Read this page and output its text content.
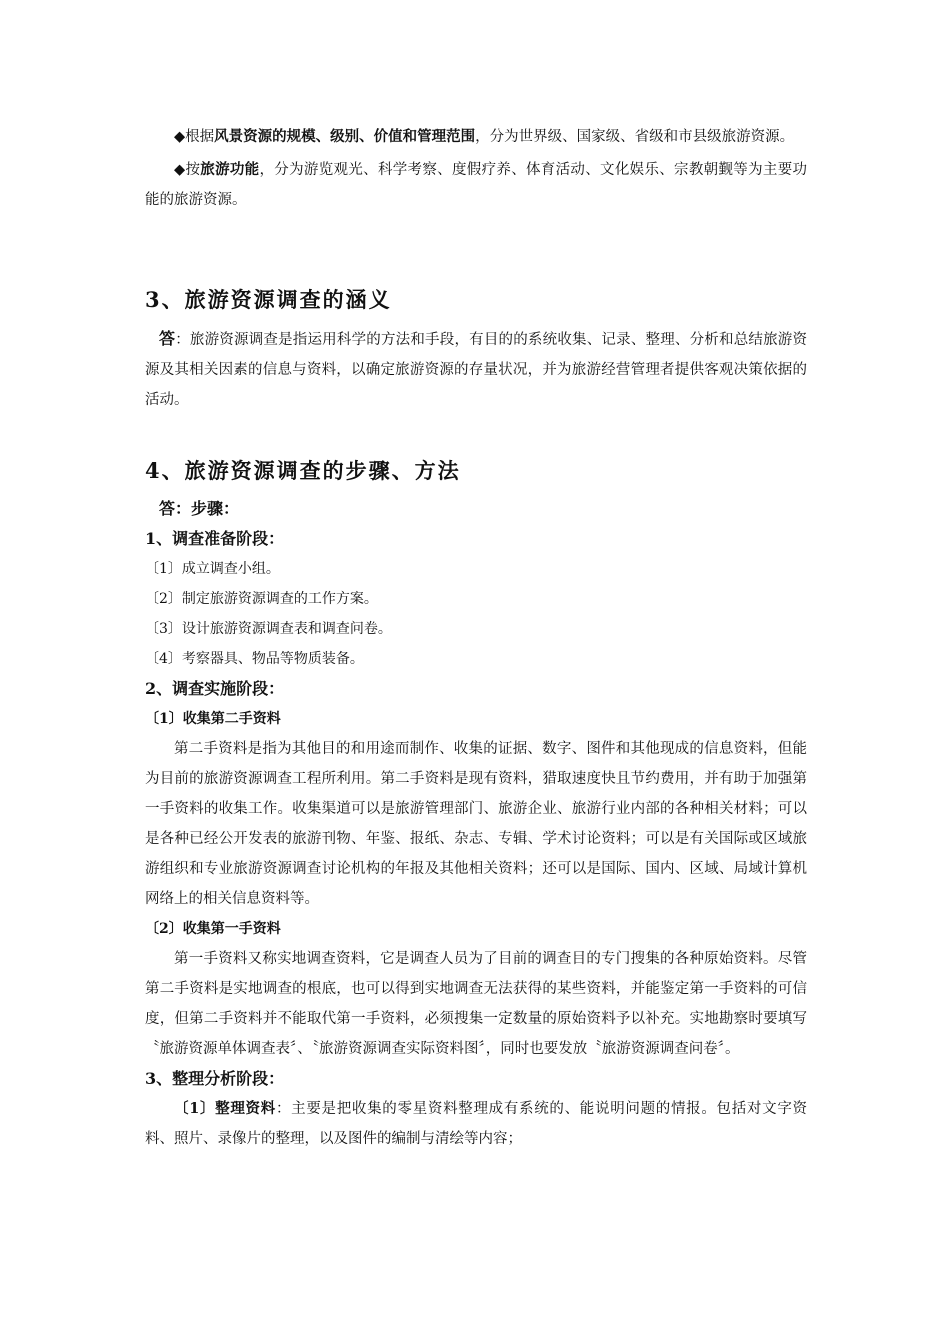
◆根据风景资源的规模、级别、价值和管理范围，分为世界级、国家级、省级和市县级旅游资源。

◆按旅游功能，分为游览观光、科学考察、度假疗养、体育活动、文化娱乐、宗教朝觐等为主要功能的旅游资源。

3、旅游资源调查的涵义

答：旅游资源调查是指运用科学的方法和手段，有目的的系统收集、记录、整理、分析和总结旅游资源及其相关因素的信息与资料，以确定旅游资源的存量状况，并为旅游经营管理者提供客观决策依据的活动。

4、旅游资源调查的步骤、方法

答：步骤：

1、调查准备阶段：

〔1〕成立调查小组。

〔2〕制定旅游资源调查的工作方案。

〔3〕设计旅游资源调查表和调查问卷。

〔4〕考察器具、物品等物质装备。

2、调查实施阶段：

〔1〕收集第二手资料

第二手资料是指为其他目的和用途而制作、收集的证据、数字、图件和其他现成的信息资料，但能为目前的旅游资源调查工程所利用。第二手资料是现有资料，猎取速度快且节约费用，并有助于加强第一手资料的收集工作。收集渠道可以是旅游管理部门、旅游企业、旅游行业内部的各种相关材料；可以是各种已经公开发表的旅游刊物、年鉴、报纸、杂志、专辑、学术讨论资料；可以是有关国际或区域旅游组织和专业旅游资源调查讨论机构的年报及其他相关资料；还可以是国际、国内、区域、局域计算机网络上的相关信息资料等。

〔2〕收集第一手资料

第一手资料又称实地调查资料，它是调查人员为了目前的调查目的专门搜集的各种原始资料。尽管第二手资料是实地调查的根底，也可以得到实地调查无法获得的某些资料，并能鉴定第一手资料的可信度，但第二手资料并不能取代第一手资料，必须搜集一定数量的原始资料予以补充。实地勘察时要填写〝旅游资源单体调查表〞、〝旅游资源调查实际资料图〞，同时也要发放〝旅游资源调查问卷〞。

3、整理分析阶段：

〔1〕整理资料：主要是把收集的零星资料整理成有系统的、能说明问题的情报。包括对文字资料、照片、录像片的整理，以及图件的编制与清绘等内容；
